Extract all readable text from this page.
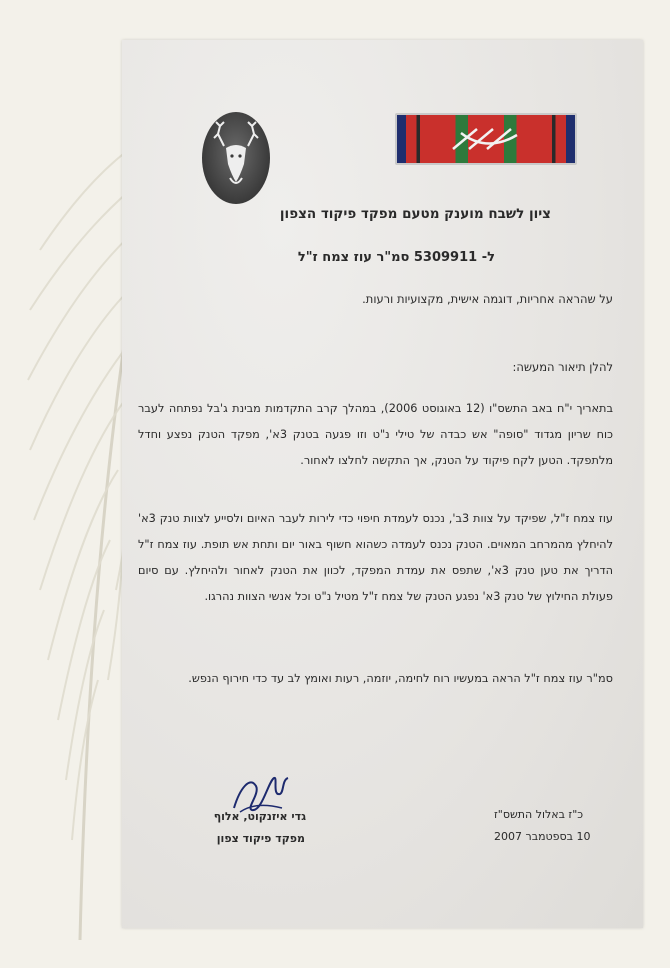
ציון לשבח מוענק מטעם מפקד פיקוד הצפון
ל- 5309911 סמ"ר עוז צמח ז"ל
על שהראה אחריות, דוגמה אישית, מקצועיות ורעות.
להלן תיאור המעשה:
בתאריך י"ח באב התשס"ו (12 באוגוסט 2006), במהלך קרב התקדמות מבינת ג'בל נפתחה לעבר כוח שריון מגדוד "סופה" אש כבדה של טילי נ"ט וזו פגעה בטנק 3א', מפקד הטנק נפצע וחדל מלתפקד. הטען לקח פיקוד על הטנק, אך התקשה לחלצו לאחור.
עוז צמח ז"ל, שפיקד על צוות 3ב', נכנס לעמדת חיפוי כדי לירות לעבר האיום ולסייע לצוות טנק 3א' להיחלץ מהמרחב המאוים. הטנק נכנס לעמדה כשהוא חשוף באור יום ותחת אש תופת. עוז צמח ז"ל הדריך את טען טנק 3א', שתפס את עמדת המפקד, לכוון את הטנק לאחור ולהיחלץ. עם סיום פעולת החילוץ של טנק 3א' נפגע הטנק של צמח ז"ל מטיל נ"ט וכל אנשי הצוות נהרגו.
סמ"ר עוז צמח ז"ל הראה במעשיו רוח לחימה, יוזמה, רעות ואומץ לב עד כדי חירוף הנפש.
גדי איזנקוט, אלוף
מפקד פיקוד צפון
כ"ז באלול התשס"ז
10 בספטמבר 2007
